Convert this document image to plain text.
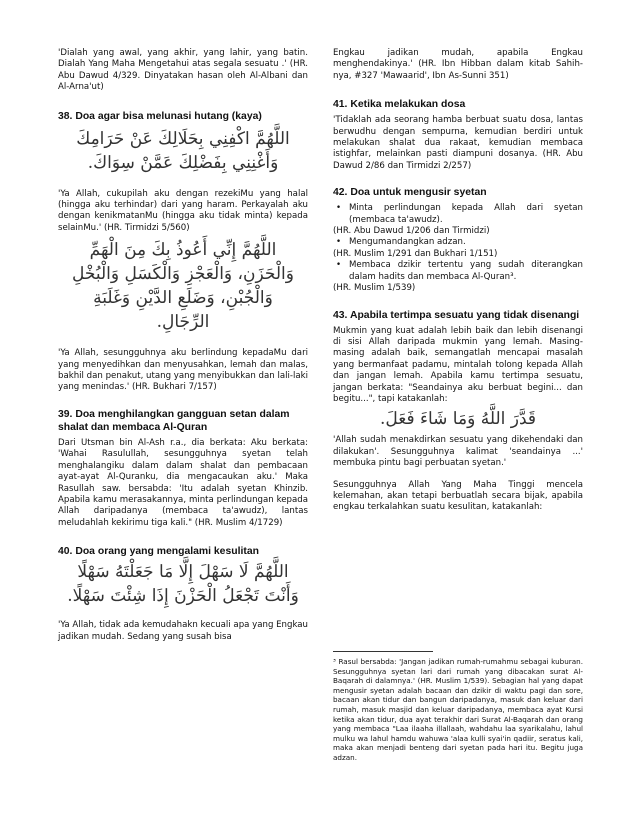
'Dialah yang awal, yang akhir, yang lahir, yang batin. Dialah Yang Maha Mengetahui atas segala sesuatu .' (HR. Abu Dawud 4/329. Dinyatakan hasan oleh Al-Albani dan Al-Arna'ut)

38. Doa agar bisa melunasi hutang (kaya)

اللَّهُمَّ اكْفِنِي بِحَلَالِكَ عَنْ حَرَامِكَ

وَأَغْنِنِي بِفَضْلِكَ عَمَّنْ سِوَاكَ.

'Ya Allah, cukupilah aku dengan rezekiMu yang halal (hingga aku terhindar) dari yang haram. Perkayalah aku dengan kenikmatanMu (hingga aku tidak minta) kepada selainMu.' (HR. Tirmidzi 5/560)

اللَّهُمَّ إِنِّي أَعُوذُ بِكَ مِنَ الْهَمِّ

وَالْحَزَنِ، وَالْعَجْزِ وَالْكَسَلِ وَالْبُخْلِ

وَالْجُبْنِ، وَضَلَعِ الدَّيْنِ وَغَلَبَةِ

الرِّجَالِ.

'Ya Allah, sesungguhnya aku berlindung kepadaMu dari yang menyedihkan dan menyusahkan, lemah dan malas, bakhil dan penakut, utang yang menyibukkan dan lali-laki yang menindas.' (HR. Bukhari 7/157)

39. Doa menghilangkan gangguan setan dalam shalat dan membaca Al-Quran

Dari Utsman bin Al-Ash r.a., dia berkata: Aku berkata: 'Wahai Rasulullah, sesungguhnya syetan telah menghalangiku dalam dalam shalat dan pembacaan ayat-ayat Al-Quranku, dia mengacaukan aku.' Maka Rasullah saw. bersabda: 'Itu adalah syetan Khinzib. Apabila kamu merasakannya, minta perlindungan kepada Allah daripadanya (membaca ta'awudz), lantas meludahlah kekirimu tiga kali." (HR. Muslim 4/1729)

40. Doa orang yang mengalami kesulitan

اللَّهُمَّ لَا سَهْلَ إِلَّا مَا جَعَلْتَهُ سَهْلًا

وَأَنْتَ تَجْعَلُ الْحَزْنَ إِذَا شِئْتَ سَهْلًا.

'Ya Allah, tidak ada kemudahakn kecuali apa yang Engkau jadikan mudah. Sedang yang susah bisa

Engkau jadikan mudah, apabila Engkau menghendakinya.' (HR. Ibn Hibban dalam kitab Sahih-nya, #327 'Mawaarid', Ibn As-Sunni 351)

41. Ketika melakukan dosa

'Tidaklah ada seorang hamba berbuat suatu dosa, lantas berwudhu dengan sempurna, kemudian berdiri untuk melakukan shalat dua rakaat, kemudian membaca istighfar, melainkan pasti diampuni dosanya. (HR. Abu Dawud 2/86 dan Tirmidzi 2/257)

42. Doa untuk mengusir syetan

• Minta perlindungan kepada Allah dari syetan (membaca ta'awudz).

(HR. Abu Dawud 1/206 dan Tirmidzi)

• Mengumandangkan adzan.

(HR. Muslim 1/291 dan Bukhari 1/151)

• Membaca dzikir tertentu yang sudah diterangkan dalam hadits dan membaca Al-Quran³.

(HR. Muslim 1/539)

43. Apabila tertimpa sesuatu yang tidak disenangi

Mukmin yang kuat adalah lebih baik dan lebih disenangi di sisi Allah daripada mukmin yang lemah. Masing-masing adalah baik, semangatlah mencapai masalah yang bermanfaat padamu, mintalah tolong kepada Allah dan jangan lemah. Apabila kamu tertimpa sesuatu, jangan berkata: "Seandainya aku berbuat begini... dan begitu...", tapi katakanlah:

قَدَّرَ اللَّهُ وَمَا شَاءَ فَعَلَ.

'Allah sudah menakdirkan sesuatu yang dikehendaki dan dilakukan'. Sesungguhnya kalimat 'seandainya ...' membuka pintu bagi perbuatan syetan.'

Sesungguhnya Allah Yang Maha Tinggi mencela kelemahan, akan tetapi berbuatlah secara bijak, apabila engkau terkalahkan suatu kesulitan, katakanlah:

³ Rasul bersabda: 'Jangan jadikan rumah-rumahmu sebagai kuburan. Sesungguhnya syetan lari dari rumah yang dibacakan surat Al-Baqarah di dalamnya.' (HR. Muslim 1/539). Sebagian hal yang dapat mengusir syetan adalah bacaan dan dzikir di waktu pagi dan sore, bacaan akan tidur dan bangun daripadanya, masuk dan keluar dari rumah, masuk masjid dan keluar daripadanya, membaca ayat Kursi ketika akan tidur, dua ayat terakhir dari Surat Al-Baqarah dan orang yang membaca "Laa ilaaha illallaah, wahdahu laa syarikalahu, lahul mulku wa lahul hamdu wahuwa 'alaa kulli syai'in qadiir, seratus kali, maka akan menjadi benteng dari syetan pada hari itu. Begitu juga adzan.
